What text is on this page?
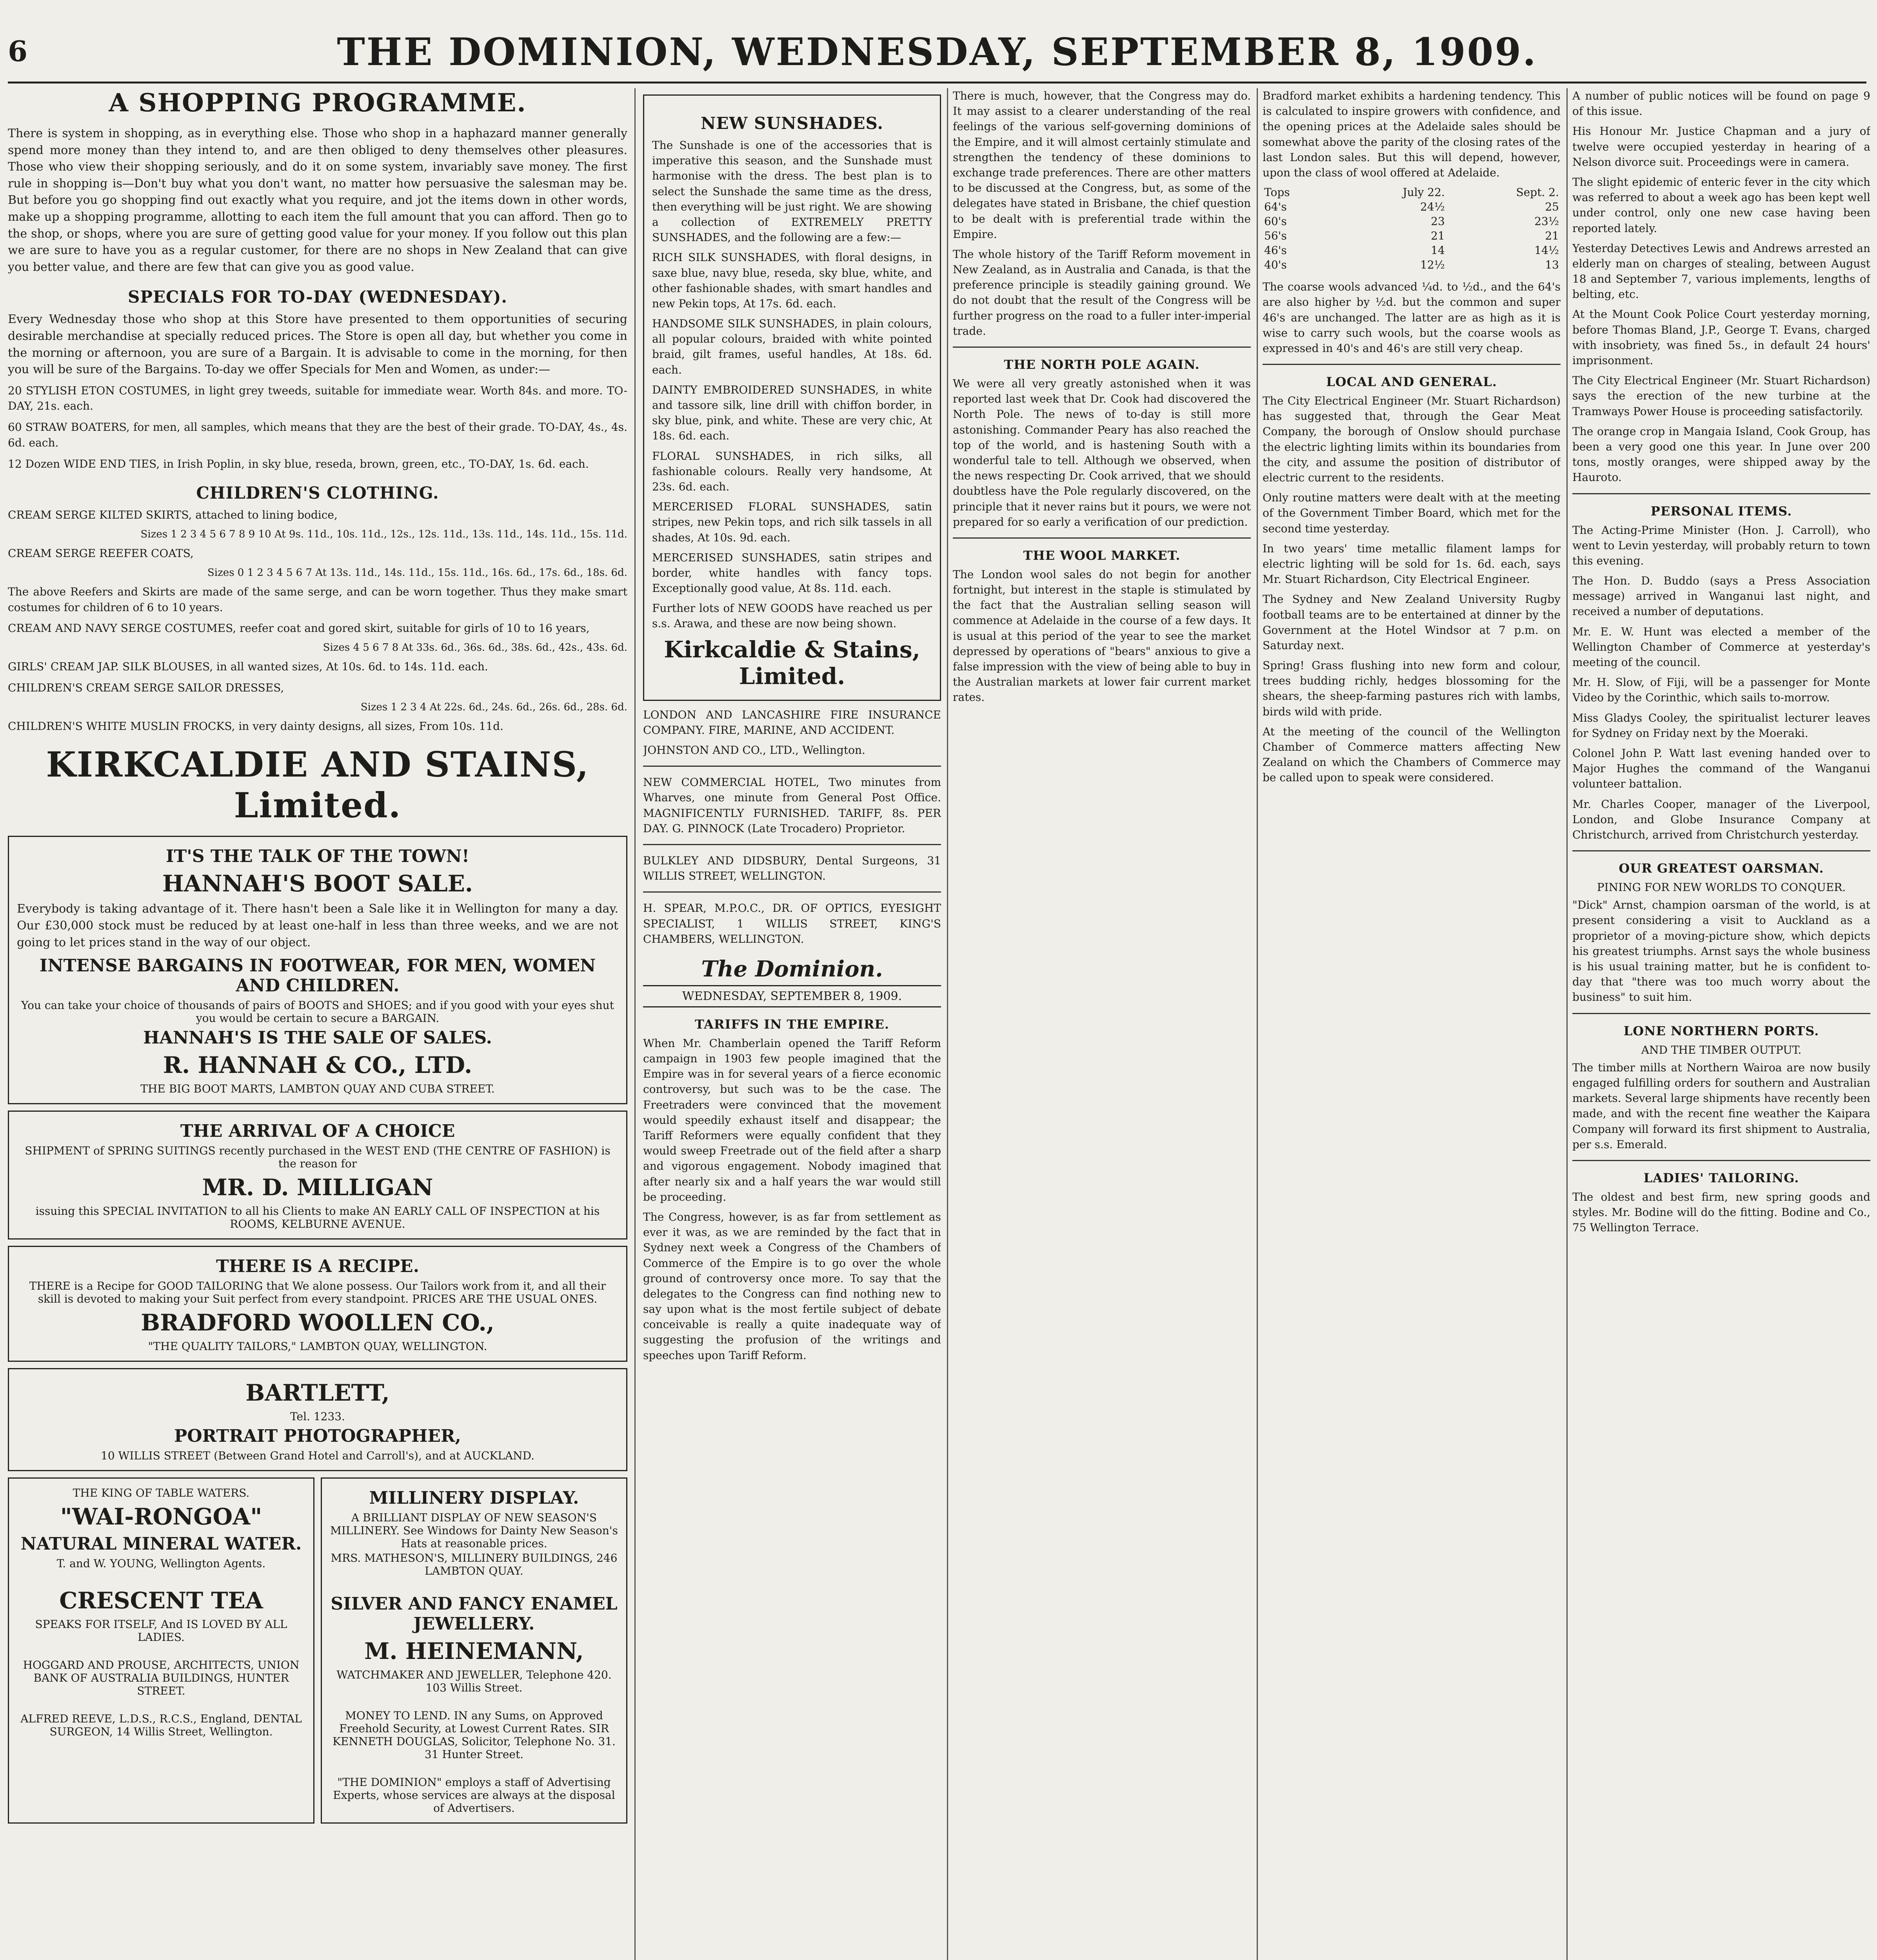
6	THE DOMINION, WEDNESDAY, SEPTEMBER 8, 1909.
A SHOPPING PROGRAMME.

There is system in shopping, as in everything else. Those who shop in a haphazard manner generally spend more money than they intend to, and are then obliged to deny themselves other pleasures. Those who view their shopping seriously, and do it on some system, invariably save money. The first rule in shopping is—Don't buy what you don't want, no matter how persuasive the salesman may be. But before you go shopping find out exactly what you require, and jot the items down in other words, make up a shopping programme, allotting to each item the full amount that you can afford. Then go to the shop, or shops, where you are sure of getting good value for your money. If you follow out this plan we are sure to have you as a regular customer, for there are no shops in New Zealand that can give you better value, and there are few that can give you as good value.

SPECIALS FOR TO-DAY (WEDNESDAY).

Every Wednesday those who shop at this Store have presented to them opportunities of securing desirable merchandise at specially reduced prices. The Store is open all day, but whether you come in the morning or afternoon, you are sure of a Bargain. It is advisable to come in the morning, for then you will be sure of the Bargains. To-day we offer Specials for Men and Women, as under:—

20 STYLISH ETON COSTUMES, in light grey tweeds, suitable for immediate wear. Worth 84s. and more. TO-DAY, 21s. each.

60 STRAW BOATERS, for men, all samples, which means that they are the best of their grade. TO-DAY, 4s., 4s. 6d. each.

12 Dozen WIDE END TIES, in Irish Poplin, in sky blue, reseda, brown, green, etc., TO-DAY, 1s. 6d. each.

CHILDREN'S CLOTHING.

CREAM SERGE KILTED SKIRTS, attached to lining bodice,

Sizes 1 2 3 4 5 6 7 8 9 10 At 9s. 11d., 10s. 11d., 12s., 12s. 11d., 13s. 11d., 14s. 11d., 15s. 11d.

CREAM SERGE REEFER COATS,

Sizes 0 1 2 3 4 5 6 7 At 13s. 11d., 14s. 11d., 15s. 11d., 16s. 6d., 17s. 6d., 18s. 6d.

The above Reefers and Skirts are made of the same serge, and can be worn together. Thus they make smart costumes for children of 6 to 10 years.

CREAM AND NAVY SERGE COSTUMES, reefer coat and gored skirt, suitable for girls of 10 to 16 years,

Sizes 4 5 6 7 8 At 33s. 6d., 36s. 6d., 38s. 6d., 42s., 43s. 6d.

GIRLS' CREAM JAP. SILK BLOUSES, in all wanted sizes, At 10s. 6d. to 14s. 11d. each.

CHILDREN'S CREAM SERGE SAILOR DRESSES,

Sizes 1 2 3 4 At 22s. 6d., 24s. 6d., 26s. 6d., 28s. 6d.

CHILDREN'S WHITE MUSLIN FROCKS, in very dainty designs, all sizes, From 10s. 11d.

KIRKCALDIE AND STAINS, Limited.
IT'S THE TALK OF THE TOWN!
HANNAH'S BOOT SALE.

Everybody is taking advantage of it. There hasn't been a Sale like it in Wellington for many a day. Our £30,000 stock must be reduced by at least one-half in less than three weeks, and we are not going to let prices stand in the way of our object.

INTENSE BARGAINS IN FOOTWEAR, FOR MEN, WOMEN AND CHILDREN.
You can take your choice of thousands of pairs of BOOTS and SHOES; and if you good with your eyes shut you would be certain to secure a BARGAIN.
HANNAH'S IS THE SALE OF SALES.
R. HANNAH & CO., LTD.
THE BIG BOOT MARTS, LAMBTON QUAY AND CUBA STREET.
THE ARRIVAL OF A CHOICE
SHIPMENT of SPRING SUITINGS recently purchased in the WEST END (THE CENTRE OF FASHION) is the reason for
MR. D. MILLIGAN
issuing this SPECIAL INVITATION to all his Clients to make AN EARLY CALL OF INSPECTION at his ROOMS, KELBURNE AVENUE.
THERE IS A RECIPE.
THERE is a Recipe for GOOD TAILORING that We alone possess. Our Tailors work from it, and all their skill is devoted to making your Suit perfect from every standpoint. PRICES ARE THE USUAL ONES.
BRADFORD WOOLLEN CO.,
"THE QUALITY TAILORS," LAMBTON QUAY, WELLINGTON.
BARTLETT,
Tel. 1233.
PORTRAIT PHOTOGRAPHER,
10 WILLIS STREET (Between Grand Hotel and Carroll's), and at AUCKLAND.
THE KING OF TABLE WATERS.
"WAI-RONGOA"
NATURAL MINERAL WATER.
T. and W. YOUNG, Wellington Agents.
CRESCENT TEA
SPEAKS FOR ITSELF, And IS LOVED BY ALL LADIES.
HOGGARD AND PROUSE, ARCHITECTS, UNION BANK OF AUSTRALIA BUILDINGS, HUNTER STREET.
ALFRED REEVE, L.D.S., R.C.S., England, DENTAL SURGEON, 14 Willis Street, Wellington.
MILLINERY DISPLAY.
A BRILLIANT DISPLAY OF NEW SEASON'S MILLINERY. See Windows for Dainty New Season's Hats at reasonable prices.
MRS. MATHESON'S, MILLINERY BUILDINGS, 246 LAMBTON QUAY.
SILVER AND FANCY ENAMEL JEWELLERY.
M. HEINEMANN,
WATCHMAKER AND JEWELLER, Telephone 420. 103 Willis Street.
MONEY TO LEND. IN any Sums, on Approved Freehold Security, at Lowest Current Rates. SIR KENNETH DOUGLAS, Solicitor, Telephone No. 31. 31 Hunter Street.
"THE DOMINION" employs a staff of Advertising Experts, whose services are always at the disposal of Advertisers.
NEW SUNSHADES.

The Sunshade is one of the accessories that is imperative this season, and the Sunshade must harmonise with the dress. The best plan is to select the Sunshade the same time as the dress, then everything will be just right. We are showing a collection of EXTREMELY PRETTY SUNSHADES, and the following are a few:—

RICH SILK SUNSHADES, with floral designs, in saxe blue, navy blue, reseda, sky blue, white, and other fashionable shades, with smart handles and new Pekin tops, At 17s. 6d. each.

HANDSOME SILK SUNSHADES, in plain colours, all popular colours, braided with white pointed braid, gilt frames, useful handles, At 18s. 6d. each.

DAINTY EMBROIDERED SUNSHADES, in white and tassore silk, line drill with chiffon border, in sky blue, pink, and white. These are very chic, At 18s. 6d. each.

FLORAL SUNSHADES, in rich silks, all fashionable colours. Really very handsome, At 23s. 6d. each.

MERCERISED FLORAL SUNSHADES, satin stripes, new Pekin tops, and rich silk tassels in all shades, At 10s. 9d. each.

MERCERISED SUNSHADES, satin stripes and border, white handles with fancy tops. Exceptionally good value, At 8s. 11d. each.

Further lots of NEW GOODS have reached us per s.s. Arawa, and these are now being shown.

Kirkcaldie & Stains, Limited.

LONDON AND LANCASHIRE FIRE INSURANCE COMPANY. FIRE, MARINE, AND ACCIDENT.

JOHNSTON AND CO., LTD., Wellington.

NEW COMMERCIAL HOTEL, Two minutes from Wharves, one minute from General Post Office. MAGNIFICENTLY FURNISHED. TARIFF, 8s. PER DAY. G. PINNOCK (Late Trocadero) Proprietor.

BULKLEY AND DIDSBURY, Dental Surgeons, 31 WILLIS STREET, WELLINGTON.

H. SPEAR, M.P.O.C., DR. OF OPTICS, EYESIGHT SPECIALIST, 1 WILLIS STREET, KING'S CHAMBERS, WELLINGTON.

The Dominion.
WEDNESDAY, SEPTEMBER 8, 1909.
TARIFFS IN THE EMPIRE.

When Mr. Chamberlain opened the Tariff Reform campaign in 1903 few people imagined that the Empire was in for several years of a fierce economic controversy, but such was to be the case. The Freetraders were convinced that the movement would speedily exhaust itself and disappear; the Tariff Reformers were equally confident that they would sweep Freetrade out of the field after a sharp and vigorous engagement. Nobody imagined that after nearly six and a half years the war would still be proceeding.

The Congress, however, is as far from settlement as ever it was, as we are reminded by the fact that in Sydney next week a Congress of the Chambers of Commerce of the Empire is to go over the whole ground of controversy once more. To say that the delegates to the Congress can find nothing new to say upon what is the most fertile subject of debate conceivable is really a quite inadequate way of suggesting the profusion of the writings and speeches upon Tariff Reform.

There is much, however, that the Congress may do. It may assist to a clearer understanding of the real feelings of the various self-governing dominions of the Empire, and it will almost certainly stimulate and strengthen the tendency of these dominions to exchange trade preferences. There are other matters to be discussed at the Congress, but, as some of the delegates have stated in Brisbane, the chief question to be dealt with is preferential trade within the Empire.

The whole history of the Tariff Reform movement in New Zealand, as in Australia and Canada, is that the preference principle is steadily gaining ground. We do not doubt that the result of the Congress will be further progress on the road to a fuller inter-imperial trade.

THE NORTH POLE AGAIN.

We were all very greatly astonished when it was reported last week that Dr. Cook had discovered the North Pole. The news of to-day is still more astonishing. Commander Peary has also reached the top of the world, and is hastening South with a wonderful tale to tell. Although we observed, when the news respecting Dr. Cook arrived, that we should doubtless have the Pole regularly discovered, on the principle that it never rains but it pours, we were not prepared for so early a verification of our prediction.

THE WOOL MARKET.

The London wool sales do not begin for another fortnight, but interest in the staple is stimulated by the fact that the Australian selling season will commence at Adelaide in the course of a few days. It is usual at this period of the year to see the market depressed by operations of "bears" anxious to give a false impression with the view of being able to buy in the Australian markets at lower fair current market rates.

Bradford market exhibits a hardening tendency. This is calculated to inspire growers with confidence, and the opening prices at the Adelaide sales should be somewhat above the parity of the closing rates of the last London sales. But this will depend, however, upon the class of wool offered at Adelaide.

Tops	July 22.	Sept. 2.
64's	24½	25
60's	23	23½
56's	21	21
46's	14	14½
40's	12½	13

The coarse wools advanced ¼d. to ½d., and the 64's are also higher by ½d. but the common and super 46's are unchanged. The latter are as high as it is wise to carry such wools, but the coarse wools as expressed in 40's and 46's are still very cheap.

LOCAL AND GENERAL.

The City Electrical Engineer (Mr. Stuart Richardson) has suggested that, through the Gear Meat Company, the borough of Onslow should purchase the electric lighting limits within its boundaries from the city, and assume the position of distributor of electric current to the residents.

Only routine matters were dealt with at the meeting of the Government Timber Board, which met for the second time yesterday.

In two years' time metallic filament lamps for electric lighting will be sold for 1s. 6d. each, says Mr. Stuart Richardson, City Electrical Engineer.

The Sydney and New Zealand University Rugby football teams are to be entertained at dinner by the Government at the Hotel Windsor at 7 p.m. on Saturday next.

Spring! Grass flushing into new form and colour, trees budding richly, hedges blossoming for the shears, the sheep-farming pastures rich with lambs, birds wild with pride.

At the meeting of the council of the Wellington Chamber of Commerce matters affecting New Zealand on which the Chambers of Commerce may be called upon to speak were considered.

A number of public notices will be found on page 9 of this issue.

His Honour Mr. Justice Chapman and a jury of twelve were occupied yesterday in hearing of a Nelson divorce suit. Proceedings were in camera.

The slight epidemic of enteric fever in the city which was referred to about a week ago has been kept well under control, only one new case having been reported lately.

Yesterday Detectives Lewis and Andrews arrested an elderly man on charges of stealing, between August 18 and September 7, various implements, lengths of belting, etc.

At the Mount Cook Police Court yesterday morning, before Thomas Bland, J.P., George T. Evans, charged with insobriety, was fined 5s., in default 24 hours' imprisonment.

The City Electrical Engineer (Mr. Stuart Richardson) says the erection of the new turbine at the Tramways Power House is proceeding satisfactorily.

The orange crop in Mangaia Island, Cook Group, has been a very good one this year. In June over 200 tons, mostly oranges, were shipped away by the Hauroto.

PERSONAL ITEMS.

The Acting-Prime Minister (Hon. J. Carroll), who went to Levin yesterday, will probably return to town this evening.

The Hon. D. Buddo (says a Press Association message) arrived in Wanganui last night, and received a number of deputations.

Mr. E. W. Hunt was elected a member of the Wellington Chamber of Commerce at yesterday's meeting of the council.

Mr. H. Slow, of Fiji, will be a passenger for Monte Video by the Corinthic, which sails to-morrow.

Miss Gladys Cooley, the spiritualist lecturer leaves for Sydney on Friday next by the Moeraki.

Colonel John P. Watt last evening handed over to Major Hughes the command of the Wanganui volunteer battalion.

Mr. Charles Cooper, manager of the Liverpool, London, and Globe Insurance Company at Christchurch, arrived from Christchurch yesterday.

OUR GREATEST OARSMAN.
PINING FOR NEW WORLDS TO CONQUER.

"Dick" Arnst, champion oarsman of the world, is at present considering a visit to Auckland as a proprietor of a moving-picture show, which depicts his greatest triumphs. Arnst says the whole business is his usual training matter, but he is confident to-day that "there was too much worry about the business" to suit him.

LONE NORTHERN PORTS.
AND THE TIMBER OUTPUT.

The timber mills at Northern Wairoa are now busily engaged fulfilling orders for southern and Australian markets. Several large shipments have recently been made, and with the recent fine weather the Kaipara Company will forward its first shipment to Australia, per s.s. Emerald.

LADIES' TAILORING.

The oldest and best firm, new spring goods and styles. Mr. Bodine will do the fitting. Bodine and Co., 75 Wellington Terrace.
